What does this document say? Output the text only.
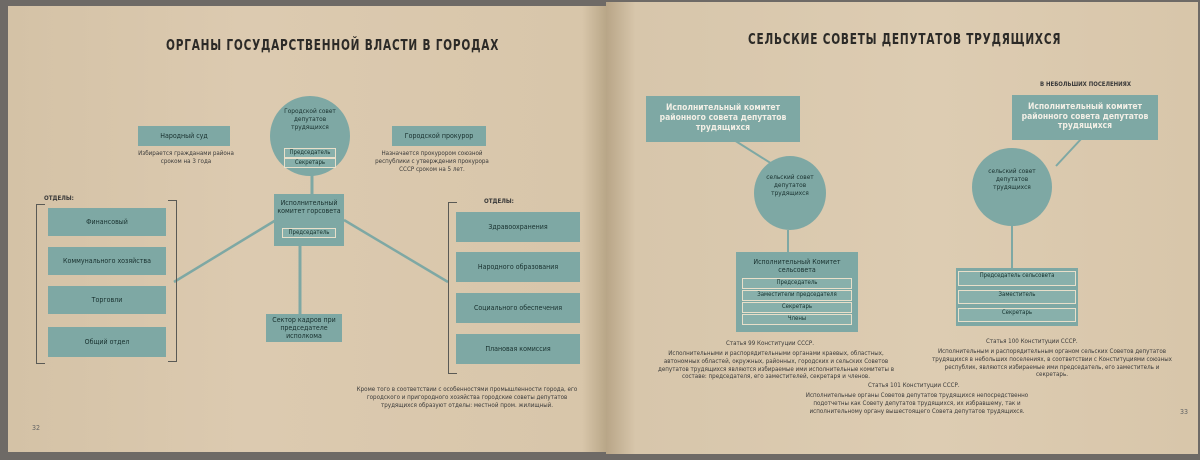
ОРГАНЫ ГОСУДАРСТВЕННОЙ ВЛАСТИ В ГОРОДАХ
Народный суд
Избирается гражданами района сроком на 3 года
Городской прокурор
Назначается прокурором союзной республики с утверждения прокурора СССР сроком на 5 лет.
Городской совет депутатов трудящихся
Председатель
Секретарь
Исполнительный комитет горсовета
Председатель
Сектор кадров при председателе исполкома
ОТДЕЛЫ:
Финансовый
Коммунального хозяйства
Торговли
Общий отдел
ОТДЕЛЫ:
Здравоохранения
Народного образования
Социального обеспечения
Плановая комиссия
Кроме того в соответствии с особенностями промышленности города, его городского и пригородного хозяйства городские советы депутатов трудящихся образуют отделы: местной пром. жилищный.
32
СЕЛЬСКИЕ СОВЕТЫ ДЕПУТАТОВ ТРУДЯЩИХСЯ
В НЕБОЛЬШИХ ПОСЕЛЕНИЯХ
Исполнительный комитет районного совета депутатов трудящихся
Исполнительный комитет районного совета депутатов трудящихся
сельский совет депутатов трудящихся
сельский совет депутатов трудящихся
Исполнительный Комитет сельсовета
Председатель
Заместители председателя
Секретарь
Члены
Председатель сельсовета
Заместитель
Секретарь
Статья 99 Конституции СССР.
Исполнительными и распорядительными органами краевых, областных, автономных областей, окружных, районных, городских и сельских Советов депутатов трудящихся являются избираемые ими исполнительные комитеты в составе: председателя, его заместителей, секретаря и членов.
Статья 100 Конституции СССР.
Исполнительным и распорядительным органом сельских Советов депутатов трудящихся в небольших поселениях, в соответствии с Конституциями союзных республик, являются избираемые ими председатель, его заместитель и секретарь.
Статья 101 Конституции СССР.
Исполнительные органы Советов депутатов трудящихся непосредственно подотчетны как Совету депутатов трудящихся, их избравшему, так и исполнительному органу вышестоящего Совета депутатов трудящихся.	33
